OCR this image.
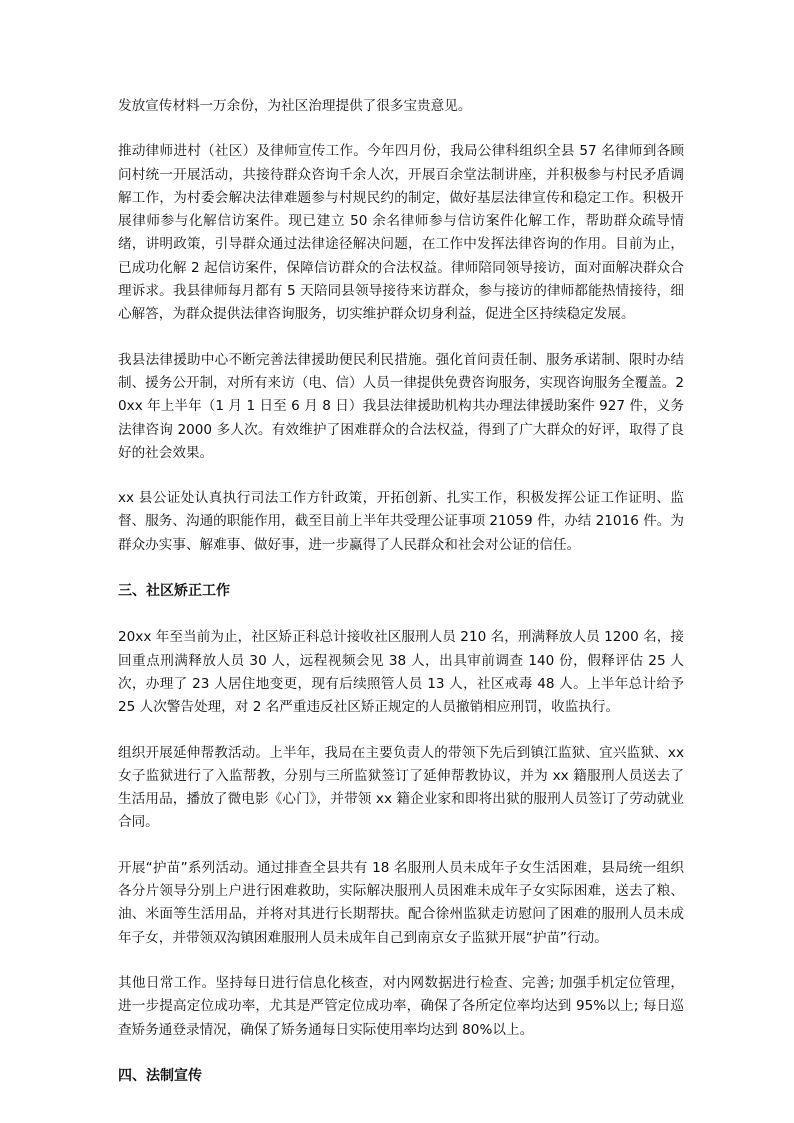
发放宣传材料一万余份，为社区治理提供了很多宝贵意见。

推动律师进村（社区）及律师宣传工作。今年四月份，我局公律科组织全县 57 名律师到各顾问村统一开展活动，共接待群众咨询千余人次，开展百余堂法制讲座，并积极参与村民矛盾调解工作，为村委会解决法律难题参与村规民约的制定，做好基层法律宣传和稳定工作。积极开展律师参与化解信访案件。现已建立 50 余名律师参与信访案件化解工作，帮助群众疏导情绪，讲明政策，引导群众通过法律途径解决问题，在工作中发挥法律咨询的作用。目前为止，已成功化解 2 起信访案件，保障信访群众的合法权益。律师陪同领导接访，面对面解决群众合理诉求。我县律师每月都有 5 天陪同县领导接待来访群众，参与接访的律师都能热情接待，细心解答，为群众提供法律咨询服务，切实维护群众切身利益，促进全区持续稳定发展。

我县法律援助中心不断完善法律援助便民利民措施。强化首问责任制、服务承诺制、限时办结制、援务公开制，对所有来访（电、信）人员一律提供免费咨询服务，实现咨询服务全覆盖。20xx 年上半年（1 月 1 日至 6 月 8 日）我县法律援助机构共办理法律援助案件 927 件，义务法律咨询 2000 多人次。有效维护了困难群众的合法权益，得到了广大群众的好评，取得了良好的社会效果。

xx 县公证处认真执行司法工作方针政策，开拓创新、扎实工作，积极发挥公证工作证明、监督、服务、沟通的职能作用，截至目前上半年共受理公证事项 21059 件，办结 21016 件。为群众办实事、解难事、做好事，进一步赢得了人民群众和社会对公证的信任。

三、社区矫正工作

20xx 年至当前为止，社区矫正科总计接收社区服刑人员 210 名，刑满释放人员 1200 名，接回重点刑满释放人员 30 人，远程视频会见 38 人，出具审前调查 140 份，假释评估 25 人次，办理了 23 人居住地变更，现有后续照管人员 13 人，社区戒毒 48 人。上半年总计给予 25 人次警告处理，对 2 名严重违反社区矫正规定的人员撤销相应刑罚，收监执行。

组织开展延伸帮教活动。上半年，我局在主要负责人的带领下先后到镇江监狱、宜兴监狱、xx 女子监狱进行了入监帮教，分别与三所监狱签订了延伸帮教协议，并为 xx 籍服刑人员送去了生活用品，播放了微电影《心门》，并带领 xx 籍企业家和即将出狱的服刑人员签订了劳动就业合同。

开展“护苗”系列活动。通过排查全县共有 18 名服刑人员未成年子女生活困难，县局统一组织各分片领导分别上户进行困难救助，实际解决服刑人员困难未成年子女实际困难，送去了粮、油、米面等生活用品，并将对其进行长期帮扶。配合徐州监狱走访慰问了困难的服刑人员未成年子女，并带领双沟镇困难服刑人员未成年自己到南京女子监狱开展“护苗”行动。

其他日常工作。坚持每日进行信息化核查，对内网数据进行检查、完善; 加强手机定位管理，进一步提高定位成功率，尤其是严管定位成功率，确保了各所定位率均达到 95%以上; 每日巡查矫务通登录情况，确保了矫务通每日实际使用率均达到 80%以上。

四、法制宣传
